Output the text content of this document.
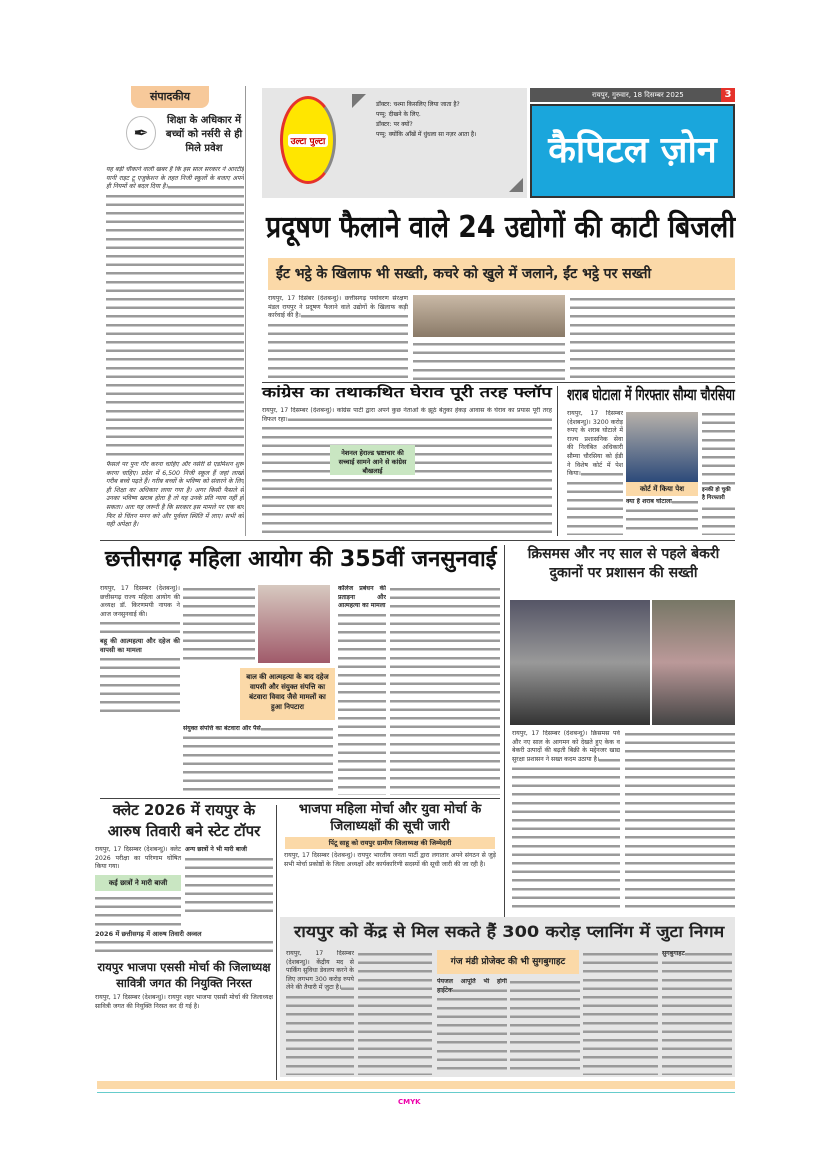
संपादकीय
✒
शिक्षा के अधिकार में बच्चों को नर्सरी से ही मिले प्रवेश
यह बड़ी चौंकाने वाली खबर है कि इस साल सरकार ने आरटीई यानी राइट टू एजुकेशन के तहत निजी स्कूलों के बजाए अपने ही नियमों को बदल दिया है।
फैसले पर पुनः गौर करना चाहिए और नर्सरी से एडमिशन शुरू करना चाहिए। प्रदेश में 6,500 निजी स्कूल हैं जहां लाखों गरीब बच्चे पढ़ते हैं। गरीब बच्चों के भविष्य को संवारने के लिए ही शिक्षा का अधिकार लाया गया है। अगर किसी फैसले से उनका भविष्य खराब होता है तो यह उनके प्रति न्याय नहीं हो सकता। अतः यह जरूरी है कि सरकार इस मामले पर एक बार फिर से चिंतन मनन करे और पूर्ववत स्थिति में लाए। सभी को यही अपेक्षा है।
उल्टा पुल्टा
डॉक्टर: चश्मा किसलिए लिया जाता है?
पप्पू: दीखने के लिए.
डॉक्टर: पर क्यों?
पप्पू: क्योंकि आँखें में धुंधला सा नज़र आता है।
रायपुर, गुरुवार, 18 दिसम्बर 2025	3
कैपिटल ज़ोन
प्रदूषण फैलाने वाले 24 उद्योगों की काटी बिजली
ईंट भट्ठे के खिलाफ भी सख्ती, कचरे को खुले में जलाने, ईंट भट्ठे पर सख्ती
रायपुर, 17 दिसंबर (देशबन्धु)। छत्तीसगढ़ पर्यावरण संरक्षण मंडल रायपुर ने प्रदूषण फैलाने वाले उद्योगों के खिलाफ कड़ी कार्रवाई की है।
कांग्रेस का तथाकथित घेराव पूरी तरह फ्लॉप
रायपुर, 17 दिसम्बर (देशबन्धु)। कांग्रेस पार्टी द्वारा अपने कुछ नेताओं के झूठे बेतुका हेकड़ आवास के घेराव का प्रयास पूरी तरह विफल रहा।
नेशनल हेराल्ड भ्रष्टाचार की सच्चाई सामने आने से कांग्रेस बौखलाई
शराब घोटाला में गिरफ्तार सौम्या चौरसिया
रायपुर, 17 दिसम्बर (देशबन्धु)। 3200 करोड़ रुपए के शराब घोटाले में राज्य प्रशासनिक सेवा की निलंबित अधिकारी सौम्या चौरसिया को ईडी ने विशेष कोर्ट में पेश किया।
कोर्ट में किया पेश
क्या है शराब घोटाला
इनकी हो चुकी है गिरफ्तारी
छत्तीसगढ़ महिला आयोग की 355वीं जनसुनवाई
रायपुर, 17 दिसम्बर (देशबन्धु)। छत्तीसगढ़ राज्य महिला आयोग की अध्यक्ष डॉ. किरणमयी नायक ने आज जनसुनवाई की।
बहू की आत्महत्या और दहेज की वापसी का मामला
बाल की आत्महत्या के बाद दहेज वापसी और संयुक्त संपत्ति का बंटवारा विवाद जैसे मामलों का हुआ निपटारा
संयुक्त संपत्ति का बंटवारा और पैसे
कॉलेज प्रबंधन की प्रताड़ना और आत्महत्या का मामला
क्रिसमस और नए साल से पहले बेकरी दुकानों पर प्रशासन की सख्ती
रायपुर, 17 दिसम्बर (देशबन्धु)। क्रिसमस पर्व और नए साल के आगमन को देखते हुए केक व बेकरी उत्पादों की बढ़ती बिक्री के मद्देनजर खाद्य सुरक्षा प्रशासन ने सख्त कदम उठाया है।
क्लेट 2026 में रायपुर के आरुष तिवारी बने स्टेट टॉपर
रायपुर, 17 दिसम्बर (देशबन्धु)। क्लेट 2026 परीक्षा का परिणाम घोषित किया गया।
कई छात्रों ने मारी बाजी
अन्य छात्रों ने भी मारी बाजी
2026 में छत्तीसगढ़ में आरुष तिवारी अव्वल
रायपुर भाजपा एससी मोर्चा की जिलाध्यक्ष सावित्री जगत की नियुक्ति निरस्त
रायपुर, 17 दिसम्बर (देशबन्धु)। रायपुर शहर भाजपा एससी मोर्चा की जिलाध्यक्ष सावित्री जगत की नियुक्ति निरस्त कर दी गई है।
भाजपा महिला मोर्चा और युवा मोर्चा के जिलाध्यक्षों की सूची जारी
पिंटू साहू को रायपुर ग्रामीण जिलाध्यक्ष की जिम्मेदारी
रायपुर, 17 दिसम्बर (देशबन्धु)। रायपुर भारतीय जनता पार्टी द्वारा लगातार अपने संगठन से जुड़े सभी मोर्चा प्रकोष्ठों के जिला अध्यक्षों और कार्यकारिणी सदस्यों की सूची जारी की जा रही है।
रायपुर को केंद्र से मिल सकते हैं 300 करोड़ प्लानिंग में जुटा निगम
रायपुर, 17 दिसम्बर (देशबन्धु)। केंद्रीय मद से पार्किंग सुविधा डेवलप करने के लिए लगभग 300 करोड़ रुपये लेने की तैयारी में जुटा है।
गंज मंडी प्रोजेक्ट की भी सुगबुगाहट
पेयजल आपूर्ति भी होगी हाईटेक
सुगबुगाहट
CMYK
